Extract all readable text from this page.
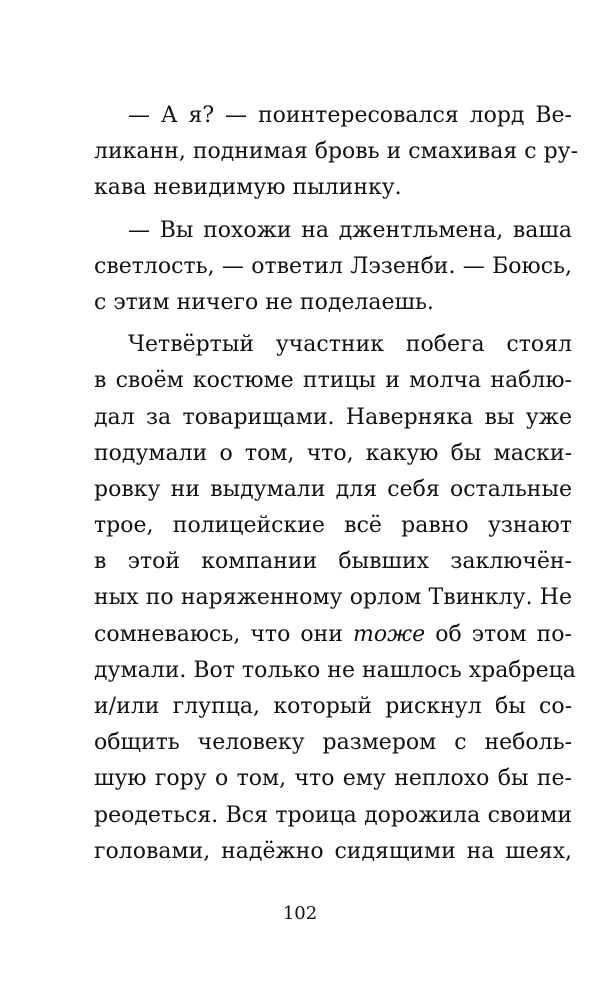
— А я? — поинтересовался лорд Ве-
ликанн, поднимая бровь и смахивая с ру-
кава невидимую пылинку.
— Вы похожи на джентльмена, ваша
светлость, — ответил Лэзенби. — Боюсь,
с этим ничего не поделаешь.
Четвёртый участник побега стоял
в своём костюме птицы и молча наблю-
дал за товарищами. Наверняка вы уже
подумали о том, что, какую бы маски-
ровку ни выдумали для себя остальные
трое, полицейские всё равно узнают
в этой компании бывших заключён-
ных по наряженному орлом Твинклу. Не
сомневаюсь, что они тоже об этом по-
думали. Вот только не нашлось храбреца
и/или глупца, который рискнул бы со-
общить человеку размером с неболь-
шую гору о том, что ему неплохо бы пе-
реодеться. Вся троица дорожила своими
головами, надёжно сидящими на шеях,
102
